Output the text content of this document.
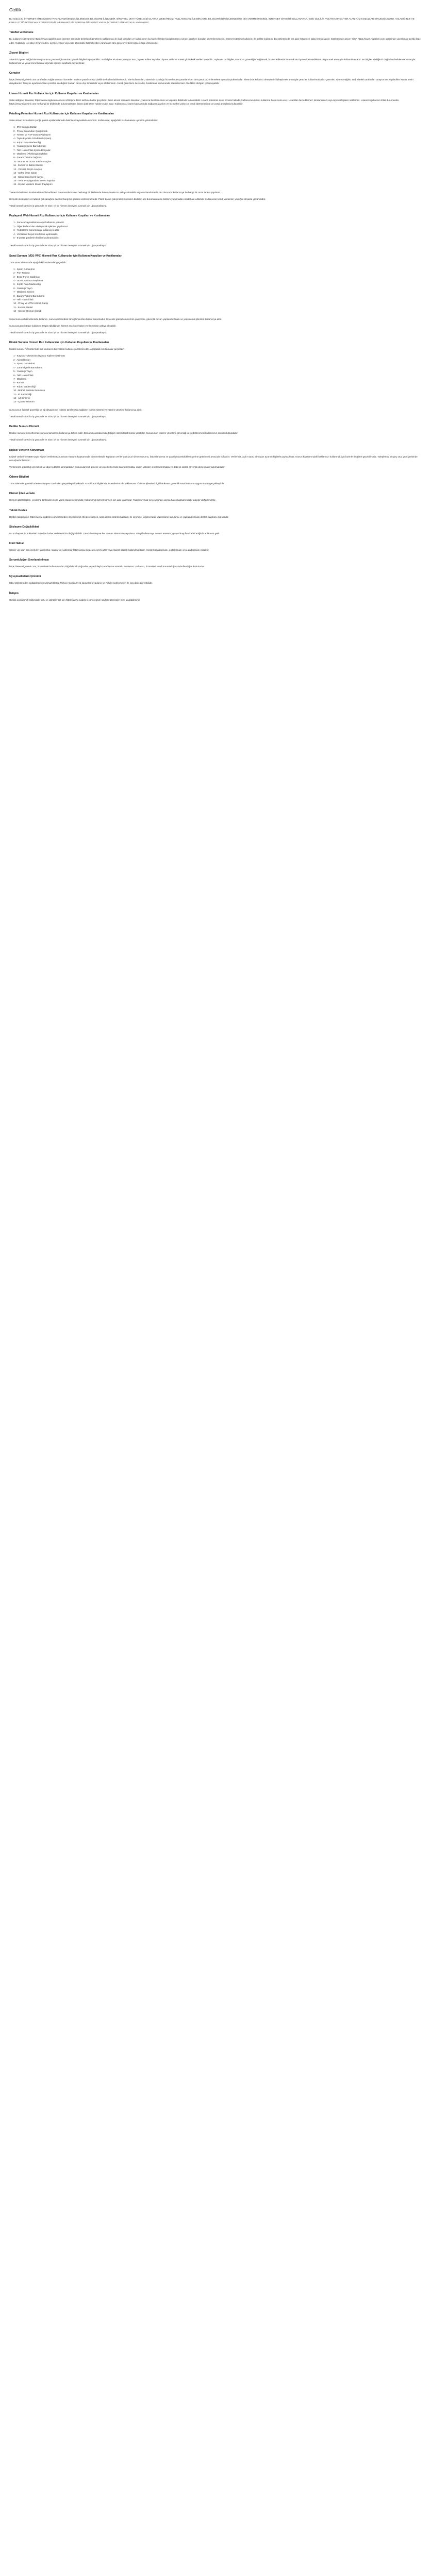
Gizlilik

BU GİZLİLİK, İNTERNET SİTEMİZDEN FAYDALANDIĞINIZDA İŞLENECEK BİLGİLERE İLİŞKİNDİR. BİREYSEL VEYA TÜZEL KİŞİ OLARAK WEBSİTEMİZİ KULLANMANIZ İLE BİRLİKTE, BİLGİLERİNİZİN İŞLENMESİNE İZİN VERMEKTESİNİZ. İNTERNET SİTEMİZİ KULLANARAK, İŞBU GİZLİLİK POLİTİKASINDA YER ALAN TÜM KOŞULLARI OKUDUĞUNUZU, ANLADIĞINIZI VE KABUL ETTİĞİNİZİ BEYAN ETMEKTESİNİZ. HERHANGİ BİR ŞARTINA İTİRAZINIZ VARSA İNTERNET SİTEMİZİ KULLANMAYINIZ.

Taraflar ve Konusu

Bu kullanım sözleşmesi https://www.nigdeleri.com internet sitesinde belirtilen hizmetlerin sağlanması ile ilgili koşulları ve kullanıcının bu hizmetlerden faydalanırken uyması gereken kuralları düzenlemektedir. İnternet sitesinin kullanımı ile birlikte kullanıcı, bu sözleşmede yer alan hükümleri kabul etmiş sayılır. Sözleşmede geçen 'Site', https://www.nigdeleri.com adresinde yayınlanan içeriği ifade eder. 'Kullanıcı' ise siteyi ziyaret eden, içeriğe erişen veya site üzerindeki hizmetlerden yararlanan tüm gerçek ve tüzel kişileri ifade etmektedir.

Ziyaret Bilgileri

Sitemizi ziyaret ettiğinizde tarayıcınızın gönderdiği standart günlük bilgileri toplayabiliriz. Bu bilgiler IP adresi, tarayıcı türü, ziyaret edilen sayfalar, ziyaret tarihi ve süresi gibi teknik verileri içerebilir. Toplanan bu bilgiler, sitemizin güvenliğini sağlamak, hizmet kalitesini artırmak ve ziyaretçi istatistiklerini oluşturmak amacıyla kullanılmaktadır. Bu bilgiler kimliğinizi doğrudan belirlemek amacıyla kullanılmaz ve yasal zorunluluklar dışında üçüncü taraflarla paylaşılmaz.

Çerezler

https://www.nigdeleri.com tarafından sağlanan tüm hizmetler, sadece yasal sınırlar dahilinde kullanılabilmektedir. Site kullanıcıları, sitemizin sunduğu hizmetlerden yararlanırken tüm yasal düzenlemelere uymakla yükümlüdür. Sitemizde kullanıcı deneyimini iyileştirmek amacıyla çerezler kullanılmaktadır. Çerezler, ziyaret ettiğiniz web siteleri tarafından tarayıcınıza kaydedilen küçük metin dosyalarıdır. Tarayıcı ayarlarınızdan çerezleri dilediğiniz zaman devre dışı bırakabilir veya silebilirsiniz. Ancak çerezlerin devre dışı bırakılması durumunda sitemizin bazı özellikleri düzgün çalışmayabilir.

Lisans Hizmeti Ruz Kullanıcılar için Kullanım Koşulları ve Kısıtlamaları

Satın aldığınız lisanslar, https://www.nigdeleri.com ile sözleşme bitim tarihine kadar geçerlidir. Satın alınan ürünlerin lisansları, yalnızca belirtilen süre ve kapsam dahilinde kullanılabilir. Lisans süresinin sona ermesi halinde, kullanıcının ürünü kullanma hakkı sona erer. Lisanslar devredilemez, kiralanamaz veya üçüncü kişilere satılamaz. Lisans koşullarının ihlali durumunda https://www.nigdeleri.com herhangi bir bildirimde bulunmaksızın lisansı iptal etme hakkını saklı tutar. Kullanıcılar, lisans kapsamında sağlanan yazılım ve hizmetleri yalnızca kendi işletmelerinde ve yasal amaçlarla kullanabilir.

Fatalhog Pmonitor Hizmeti Ruz Kullanıcılar için Kullanım Koşulları ve Kısıtlamaları

Satın alınan hizmetlerin içeriği, paket açıklamalarında belirtilen kaynaklarla sınırlıdır. Kullanıcılar, aşağıdaki kısıtlamalara uymakla yükümlüdür:

1 - IRC Sunucu Botları
2 - Proxy Sunucuları Çalıştırmak
3 - Torrent ve P2P Dosya Paylaşımı
4 - Toplu E-posta Gönderimi (Spam)
5 - Kripto Para Madenciliği
6 - Yasadışı İçerik Barındırmak
7 - Telif Hakkı İhlali İçeren Dosyalar
8 - Oltalama (Phishing) Sayfaları
9 - Zararlı Yazılım Dağıtımı
10 - Botnet ve DDoS Saldırı Araçları
11 - Kumar ve Bahis Siteleri
12 - Yetkisiz Erişim Araçları
13 - Sahte Ürün Satışı
14 - Müstehcen İçerik Yayını
15 - Terör Propagandası İçeren Yayınlar
16 - Kişisel Verilerin İzinsiz Paylaşımı

Yukarıda belirtilen kısıtlamaların ihlal edilmesi durumunda hizmet herhangi bir bildirimde bulunulmaksızın askıya alınabilir veya sonlandırılabilir. Bu durumda kullanıcıya herhangi bir ücret iadesi yapılmaz.

Hizmetin kesintisiz ve hatasız çalışacağına dair herhangi bir garanti verilmemektedir. Planlı bakım çalışmaları önceden bildirilir; acil durumlarda ise bildirim yapılmadan müdahale edilebilir. Kullanıcılar kendi verilerinin yedeğini almakla yükümlüdür.

Yasal kontrol süreci 5 iş gününde ve Size, iyi bir hizmet deneyimi sunmak için uğraşmaktayız.

Paylaşımlı Web Hizmeti Ruz Kullanıcılar için Kullanım Koşulları ve Kısıtlamaları
1 - Sunucu kaynaklarının aşırı kullanımı yasaktır.
2 - Diğer kullanıcıları etkileyecek işlemler yapılamaz.
3 - Yedekleme sorumluluğu kullanıcıya aittir.
4 - Veritabanı boyut sınırlarına uyulmalıdır.
5 - E-posta gönderim limitleri aşılmamalıdır.

Yasal kontrol süreci 5 iş gününde ve Size, iyi bir hizmet deneyimi sunmak için uğraşmaktayız.

Sanal Sunucu (VDS-VPS) Hizmeti Ruz Kullanıcılar için Kullanım Koşulları ve Kısıtlamaları

Tüm sunucularımızda aşağıdaki kısıtlamalar geçerlidir:

1 - Spam Gönderimi
2 - Port Tarama
3 - Brute Force Saldırıları
4 - DDoS Saldırısı Başlatma
5 - Kripto Para Madenciliği
6 - Yasadışı Yayın
7 - Oltalama Siteleri
8 - Zararlı Yazılım Barındırma
9 - Telif Hakkı İhlali
10 - Proxy ve VPN Hizmeti Satışı
11 - Kumar Siteleri
12 - Çocuk İstismarı İçeriği

Sanal sunucu hizmetlerinde kullanıcı, sunucu üzerindeki tüm işlemlerden bizzat sorumludur. Güvenlik güncellemelerinin yapılması, güvenlik duvarı yapılandırılması ve yedekleme işlemleri kullanıcıya aittir.

Sunucunuzun kötüye kullanımı tespit edildiğinde, hizmet önceden haber verilmeksizin askıya alınabilir.

Yasal kontrol süreci 5 iş gününde ve Size, iyi bir hizmet deneyimi sunmak için uğraşmaktayız.

Kiralık Sunucu Hizmeti Ruz Kullanıcılar için Kullanım Koşulları ve Kısıtlamaları

Kiralık sunucu hizmetlerinde tüm donanım kaynakları kullanıcıya tahsis edilir. Aşağıdaki kısıtlamalar geçerlidir:

1 - Kaynak Tüketiminin Üçüncü Kişilere Satılması
2 - Ağ Saldırıları
3 - Spam Gönderimi
4 - Zararlı İçerik Barındırma
5 - Yasadışı Yayın
6 - Telif Hakkı İhlali
7 - Oltalama
8 - Kumar
9 - Kripto Madenciliği
10 - Botnet Komuta Sunucusu
11 - IP Sahteciliği
12 - Ağ Dinleme
13 - Çocuk İstismarı

Sunucunun fiziksel güvenliği ve ağ altyapısının işletimi tarafımızca sağlanır. İşletim sistemi ve yazılım yönetimi kullanıcıya aittir.

Yasal kontrol süreci 5 iş gününde ve Size, iyi bir hizmet deneyimi sunmak için uğraşmaktayız.

Dedike Sunucu Hizmeti

Dedike sunucu hizmetlerinde sunucu tamamen kullanıcıya tahsis edilir. Donanım arızalarında değişim süreci tarafımızca yürütülür. Sunucunun yazılım yönetimi, güvenliği ve yedeklenmesi kullanıcının sorumluluğundadır.

Yasal kontrol süreci 5 iş gününde ve Size, iyi bir hizmet deneyimi sunmak için uğraşmaktayız.

Kişisel Verilerin Korunması

Kişisel verileriniz 6698 sayılı Kişisel Verilerin Korunması Kanunu kapsamında işlenmektedir. Toplanan veriler yalnızca hizmet sunumu, faturalandırma ve yasal yükümlülüklerin yerine getirilmesi amacıyla kullanılır. Verileriniz, açık rızanız olmadan üçüncü kişilerle paylaşılmaz. Kanun kapsamındaki haklarınızı kullanmak için bizimle iletişime geçebilirsiniz. Talepleriniz en geç otuz gün içerisinde sonuçlandırılacaktır.

Verilerinizin güvenliği için teknik ve idari tedbirler alınmaktadır. Sunucularımız güvenli veri merkezlerinde barındırılmakta, erişim yetkileri sınırlandırılmakta ve düzenli olarak güvenlik denetimleri yapılmaktadır.

Ödeme Bilgileri

Tüm ödemeler güvenli ödeme altyapısı üzerinden gerçekleştirilmektedir. Kredi kartı bilgileriniz sistemlerimizde saklanmaz. Ödeme işlemleri, ilgili bankanın güvenlik standartlarına uygun olarak gerçekleştirilir.

Hizmet İptali ve İade

Hizmet iptal talepleri, yenileme tarihinden önce yazılı olarak iletilmelidir. Kullanılmış hizmet süreleri için iade yapılmaz. Yasal mevzuat çerçevesinde cayma hakkı kapsamındaki talepler değerlendirilir.

Teknik Destek

Destek taleplerinizi https://www.nigdeleri.com üzerinden iletebilirsiniz. Destek hizmeti, satın alınan ürünün kapsamı ile sınırlıdır. Üçüncü taraf yazılımların kurulumu ve yapılandırılması destek kapsamı dışındadır.

Sözleşme Değişiklikleri

Bu sözleşmenin hükümleri önceden haber verilmeksizin değiştirilebilir. Güncel sözleşme her zaman sitemizde yayınlanır. Siteyi kullanmaya devam etmeniz, güncel koşulları kabul ettiğiniz anlamına gelir.

Fikri Haklar

Sitede yer alan tüm içerikler, tasarımlar, logolar ve yazılımlar https://www.nigdeleri.com'a aittir veya lisanslı olarak kullanılmaktadır. İzinsiz kopyalanması, çoğaltılması veya dağıtılması yasaktır.

Sorumluluğun Sınırlandırılması

https://www.nigdeleri.com, hizmetlerin kullanımından doğabilecek doğrudan veya dolaylı zararlardan sorumlu tutulamaz. Kullanıcı, hizmetleri kendi sorumluluğunda kullandığını kabul eder.

Uyuşmazlıkların Çözümü

İşbu sözleşmeden doğabilecek uyuşmazlıklarda Türkiye Cumhuriyeti kanunları uygulanır ve Niğde mahkemeleri ile icra daireleri yetkilidir.

İletişim

Gizlilik politikamız hakkındaki soru ve görüşleriniz için https://www.nigdeleri.com iletişim sayfası üzerinden bize ulaşabilirsiniz.
